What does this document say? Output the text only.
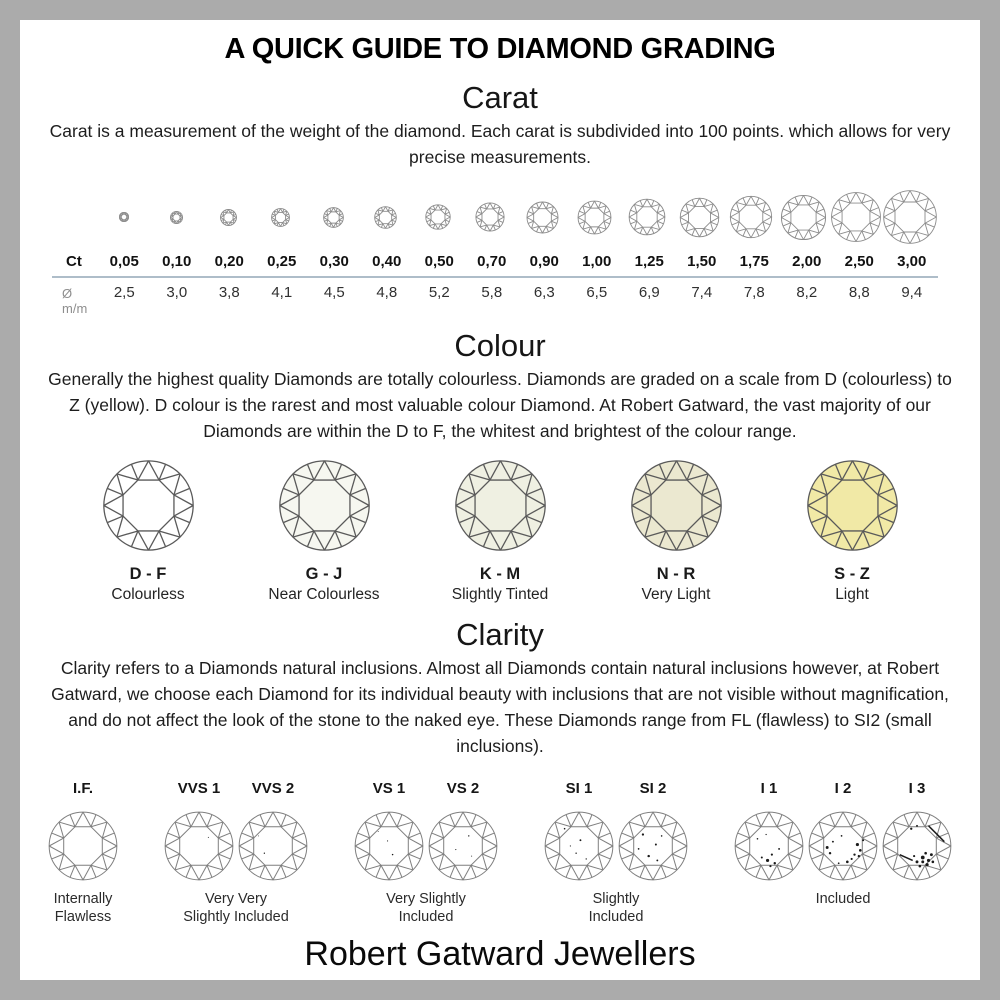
A QUICK GUIDE TO DIAMOND GRADING
Carat

Carat is a measurement of the weight of the diamond. Each carat is subdivided into 100 points. which allows for very precise measurements.

Ct	0,05	0,10	0,20	0,25	0,30	0,40	0,50	0,70	0,90	1,00	1,25	1,50	1,75	2,00	2,50	3,00
Ø m/m
2,5	3,0	3,8	4,1	4,5	4,8	5,2	5,8	6,3	6,5	6,9	7,4	7,8	8,2	8,8	9,4
Colour

Generally the highest quality Diamonds are totally colourless. Diamonds are graded on a scale from D (colourless) to Z (yellow). D colour is the rarest and most valuable colour Diamond. At Robert Gatward, the vast majority of our Diamonds are within the D to F, the whitest and brightest of the colour range.

D - F
Colourless
G - J
Near Colourless
K - M
Slightly Tinted
N - R
Very Light
S - Z
Light
Clarity

Clarity refers to a Diamonds natural inclusions. Almost all Diamonds contain natural inclusions however, at Robert Gatward, we choose each Diamond for its individual beauty with inclusions that are not visible without magnification, and do not affect the look of the stone to the naked eye. These Diamonds range from FL (flawless) to SI2 (small inclusions).

I.F.
Internally
Flawless
VVS 1 VVS 2
Very Very
Slightly Included
VS 1	VS 2
Very Slightly
Included
SI 1	SI 2
Slightly
Included
I 1	I 2	I 3
Included
Robert Gatward Jewellers
